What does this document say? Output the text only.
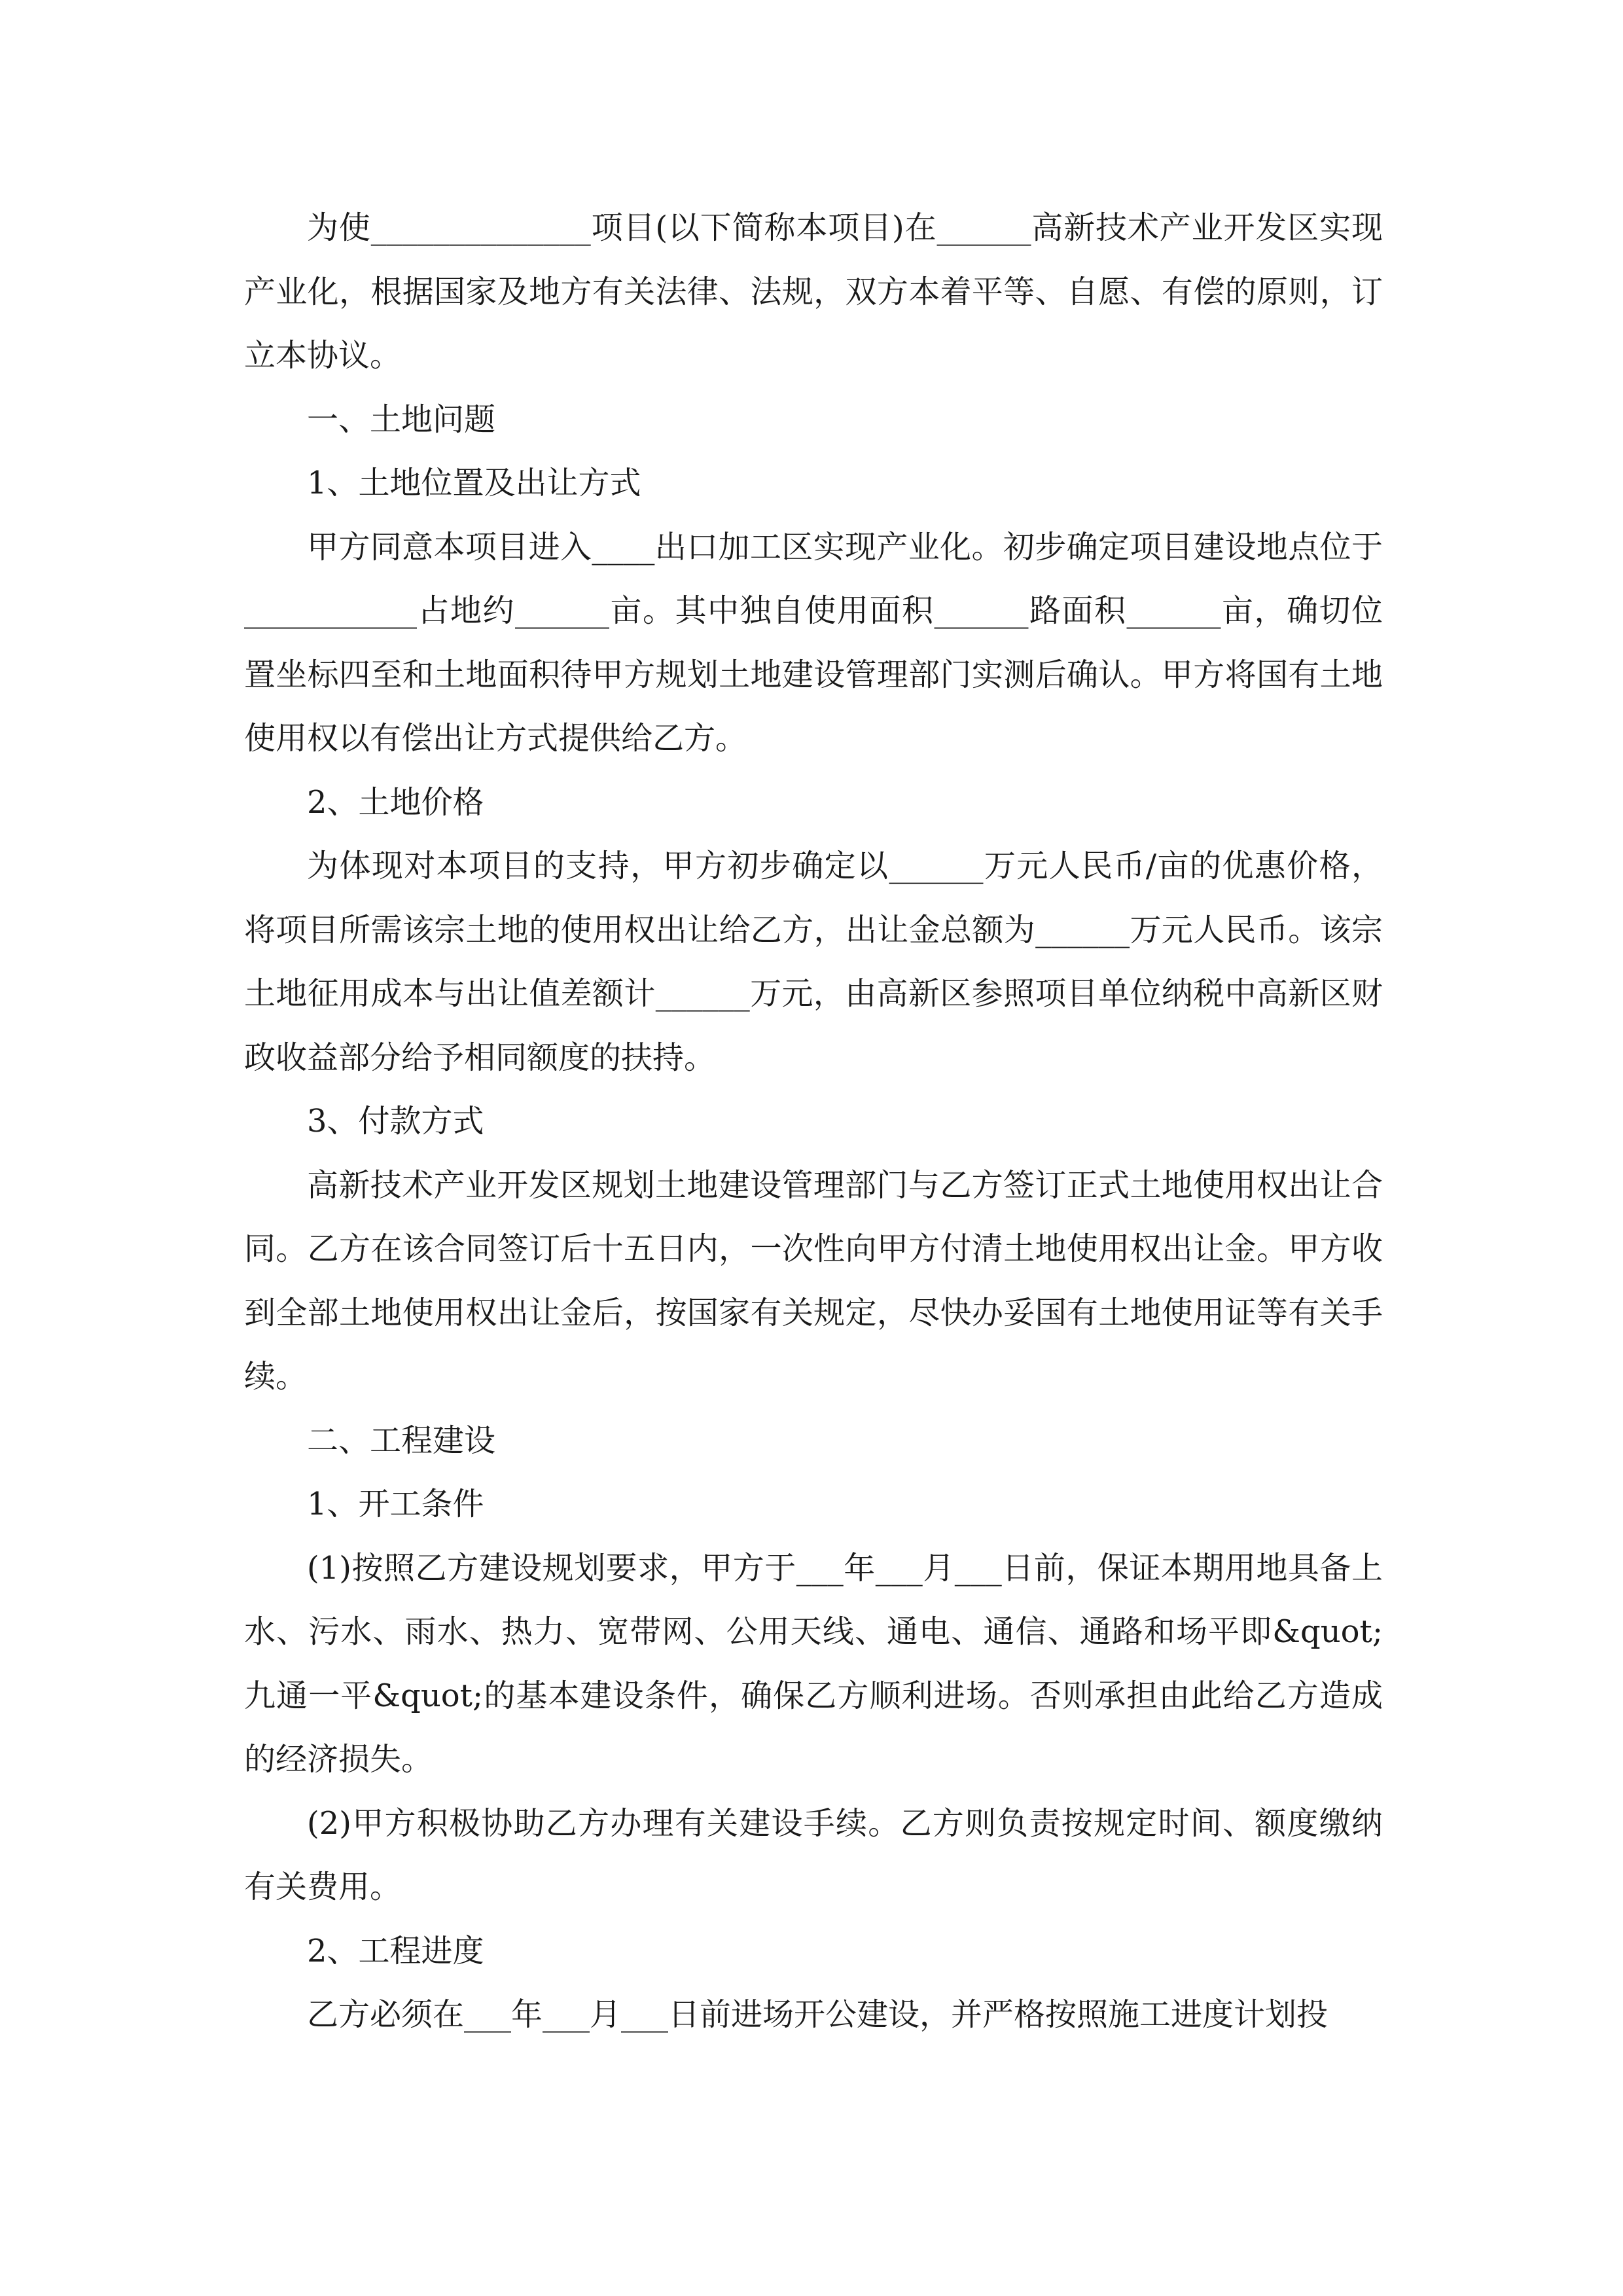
为使______________项目(以下简称本项目)在______高新技术产业开发区实现产业化，根据国家及地方有关法律、法规，双方本着平等、自愿、有偿的原则，订立本协议。

一、土地问题

1、土地位置及出让方式

甲方同意本项目进入____出口加工区实现产业化。初步确定项目建设地点位于___________占地约______亩。其中独自使用面积______路面积______亩，确切位置坐标四至和土地面积待甲方规划土地建设管理部门实测后确认。甲方将国有土地使用权以有偿出让方式提供给乙方。

2、土地价格

为体现对本项目的支持，甲方初步确定以______万元人民币/亩的优惠价格，将项目所需该宗土地的使用权出让给乙方，出让金总额为______万元人民币。该宗土地征用成本与出让值差额计______万元，由高新区参照项目单位纳税中高新区财政收益部分给予相同额度的扶持。

3、付款方式

高新技术产业开发区规划土地建设管理部门与乙方签订正式土地使用权出让合同。乙方在该合同签订后十五日内，一次性向甲方付清土地使用权出让金。甲方收到全部土地使用权出让金后，按国家有关规定，尽快办妥国有土地使用证等有关手续。

二、工程建设

1、开工条件

(1)按照乙方建设规划要求，甲方于___年___月___日前，保证本期用地具备上水、污水、雨水、热力、宽带网、公用天线、通电、通信、通路和场平即&quot;九通一平&quot;的基本建设条件，确保乙方顺利进场。否则承担由此给乙方造成的经济损失。

(2)甲方积极协助乙方办理有关建设手续。乙方则负责按规定时间、额度缴纳有关费用。

2、工程进度

乙方必须在___年___月___日前进场开公建设，并严格按照施工进度计划投
